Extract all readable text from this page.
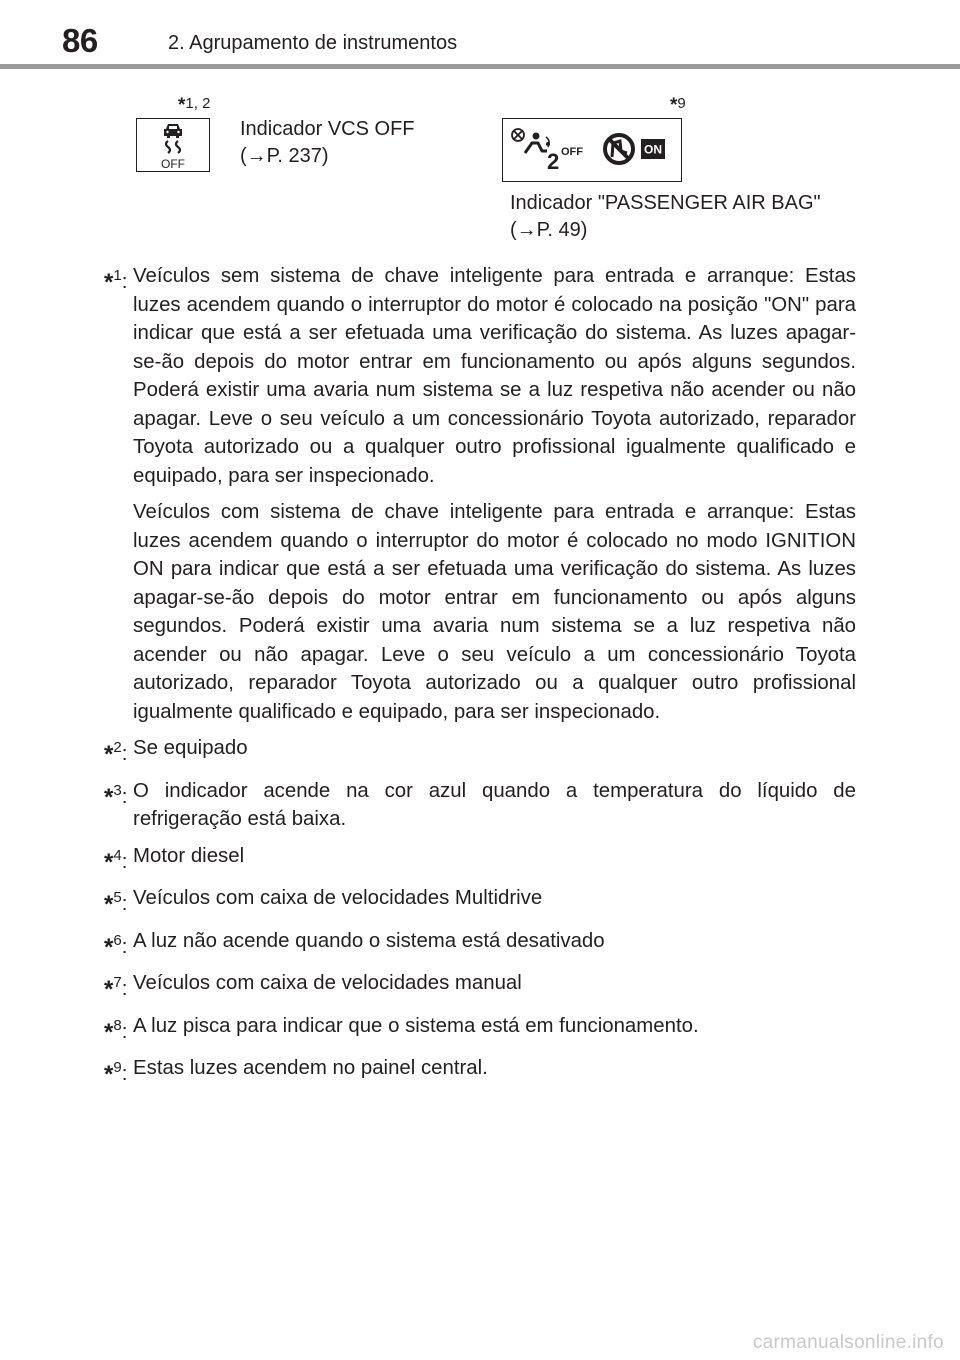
86	2. Agrupamento de instrumentos
*1, 2
OFF
Indicador VCS OFF
(→P. 237)
*9
2 OFF	ON
Indicador "PASSENGER AIR BAG"
(→P. 49)
*$^1$: Veículos sem sistema de chave inteligente para entrada e arranque: Estas luzes acendem quando o interruptor do motor é colocado na posição "ON" para indicar que está a ser efetuada uma verificação do sistema. As luzes apagar-se-ão depois do motor entrar em funcionamento ou após alguns segundos. Poderá existir uma avaria num sistema se a luz respetiva não acender ou não apagar. Leve o seu veículo a um concessionário Toyota autorizado, reparador Toyota autorizado ou a qualquer outro profissional igualmente qualificado e equipado, para ser inspecionado.

Veículos com sistema de chave inteligente para entrada e arranque: Estas luzes acendem quando o interruptor do motor é colocado no modo IGNITION ON para indicar que está a ser efetuada uma verificação do sistema. As luzes apagar-se-ão depois do motor entrar em funcionamento ou após alguns segundos. Poderá existir uma avaria num sistema se a luz respetiva não acender ou não apagar. Leve o seu veículo a um concessionário Toyota autorizado, reparador Toyota autorizado ou a qualquer outro profissional igualmente qualificado e equipado, para ser inspecionado.

*$^2$: Se equipado

*$^3$: O indicador acende na cor azul quando a temperatura do líquido de refrigeração está baixa.

*$^4$: Motor diesel

*$^5$: Veículos com caixa de velocidades Multidrive

*$^6$: A luz não acende quando o sistema está desativado

*$^7$: Veículos com caixa de velocidades manual

*$^8$: A luz pisca para indicar que o sistema está em funcionamento.

*$^9$: Estas luzes acendem no painel central.

carmanualsonline.info
